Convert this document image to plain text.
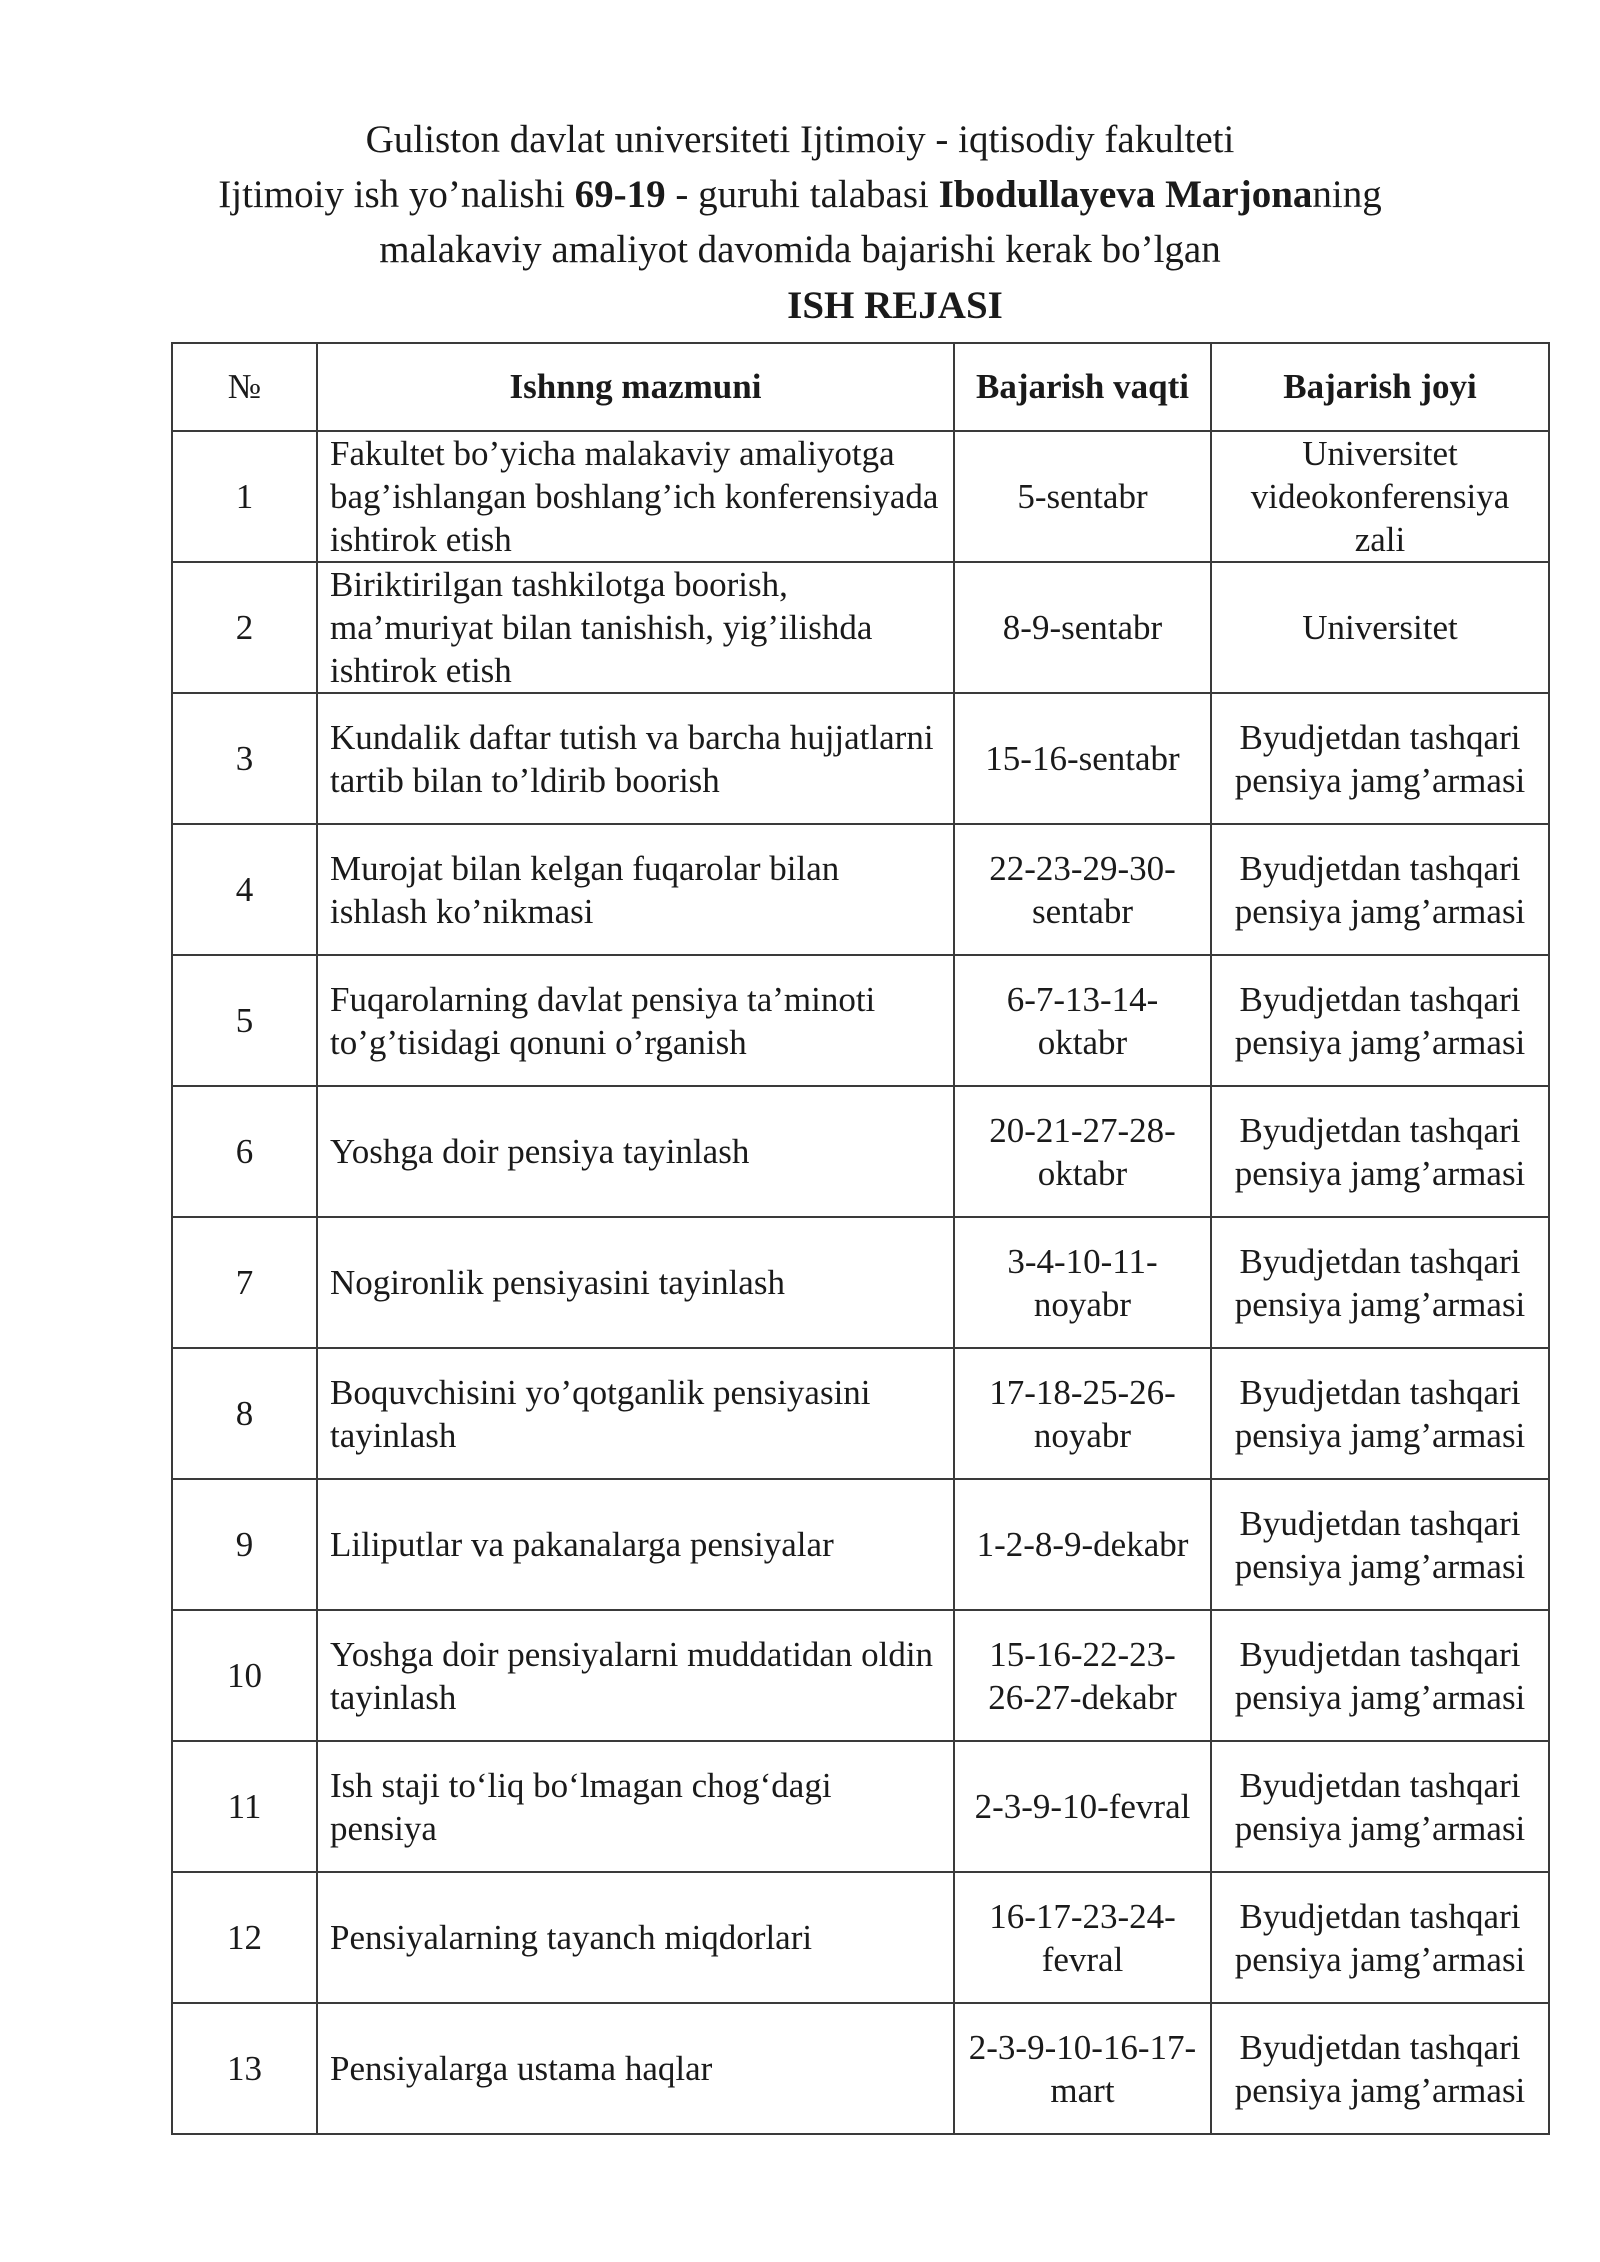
Guliston davlat universiteti Ijtimoiy - iqtisodiy fakulteti
Ijtimoiy ish yo’nalishi 69-19 - guruhi talabasi Ibodullayeva Marjonaning
malakaviy amaliyot davomida bajarishi kerak bo’lgan
ISH REJASI
№	Ishnng mazmuni	Bajarish vaqti	Bajarish joyi
1	Fakultet bo’yicha malakaviy amaliyotga bag’ishlangan boshlang’ich konferensiyada ishtirok etish	5-sentabr	Universitet videokonferensiya zali
2	Biriktirilgan tashkilotga boorish, ma’muriyat bilan tanishish, yig’ilishda ishtirok etish	8-9-sentabr	Universitet
3	Kundalik daftar tutish va barcha hujjatlarni tartib bilan to’ldirib boorish	15-16-sentabr	Byudjetdan tashqari pensiya jamg’armasi
4	Murojat bilan kelgan fuqarolar bilan ishlash ko’nikmasi	22-23-29-30-sentabr	Byudjetdan tashqari pensiya jamg’armasi
5	Fuqarolarning davlat pensiya ta’minoti to’g’tisidagi qonuni o’rganish	6-7-13-14-oktabr	Byudjetdan tashqari pensiya jamg’armasi
6	Yoshga doir pensiya tayinlash	20-21-27-28-oktabr	Byudjetdan tashqari pensiya jamg’armasi
7	Nogironlik pensiyasini tayinlash	3-4-10-11-noyabr	Byudjetdan tashqari pensiya jamg’armasi
8	Boquvchisini yo’qotganlik pensiyasini tayinlash	17-18-25-26-noyabr	Byudjetdan tashqari pensiya jamg’armasi
9	Liliputlar va pakanalarga pensiyalar	1-2-8-9-dekabr	Byudjetdan tashqari pensiya jamg’armasi
10	Yoshga doir pensiyalarni muddatidan oldin tayinlash	15-16-22-23-26-27-dekabr	Byudjetdan tashqari pensiya jamg’armasi
11	Ish staji to‘liq bo‘lmagan chog‘dagi pensiya	2-3-9-10-fevral	Byudjetdan tashqari pensiya jamg’armasi
12	Pensiyalarning tayanch miqdorlari	16-17-23-24-fevral	Byudjetdan tashqari pensiya jamg’armasi
13	Pensiyalarga ustama haqlar	2-3-9-10-16-17-mart	Byudjetdan tashqari pensiya jamg’armasi
